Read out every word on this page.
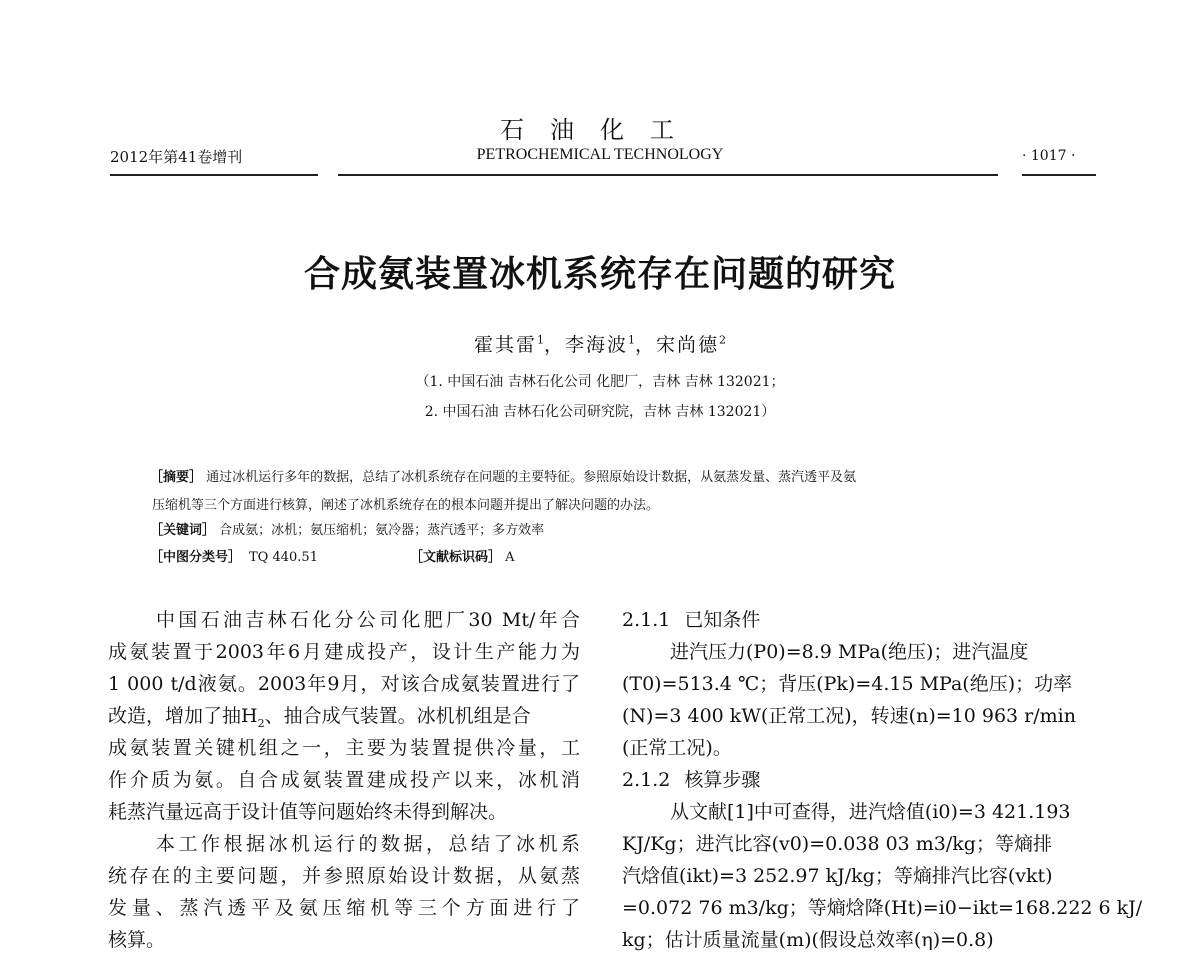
石油化工
2012年第41卷增刊	PETROCHEMICAL TECHNOLOGY	· 1017 ·
合成氨装置冰机系统存在问题的研究
霍其雷$^1$，李海波$^1$，宋尚德$^2$
（1. 中国石油 吉林石化公司 化肥厂，吉林 吉林 132021；
2. 中国石油 吉林石化公司研究院，吉林 吉林 132021）
［摘要］ 通过冰机运行多年的数据，总结了冰机系统存在问题的主要特征。参照原始设计数据，从氨蒸发量、蒸汽透平及氨
压缩机等三个方面进行核算，阐述了冰机系统存在的根本问题并提出了解决问题的办法。
［关键词］ 合成氨；冰机；氨压缩机；氨冷器；蒸汽透平；多方效率
［中图分类号］ TQ 440.51	［文献标识码］ A
中国石油吉林石化分公司化肥厂30 Mt/年合
成氨装置于2003年6月建成投产，设计生产能力为
1 000 t/d液氨。2003年9月，对该合成氨装置进行了
改造，增加了抽$H_2$、抽合成气装置。冰机机组是合
成氨装置关键机组之一，主要为装置提供冷量，工
作介质为氨。自合成氨装置建成投产以来，冰机消
耗蒸汽量远高于设计值等问题始终未得到解决。
本工作根据冰机运行的数据，总结了冰机系
统存在的主要问题，并参照原始设计数据，从氨蒸
发量、蒸汽透平及氨压缩机等三个方面进行了
核算。
2.1.1 已知条件
进汽压力(P0)=8.9 MPa(绝压)；进汽温度
(T0)=513.4 ℃；背压(Pk)=4.15 MPa(绝压)；功率
(N)=3 400 kW(正常工况)，转速(n)=10 963 r/min
(正常工况)。
2.1.2 核算步骤
从文献[1]中可查得，进汽焓值(i0)=3 421.193
KJ/Kg；进汽比容(v0)=0.038 03 m3/kg；等熵排
汽焓值(ikt)=3 252.97 kJ/kg；等熵排汽比容(vkt)
=0.072 76 m3/kg；等熵焓降(Ht)=i0−ikt=168.222 6 kJ/
kg；估计质量流量(m)(假设总效率(η)=0.8)
